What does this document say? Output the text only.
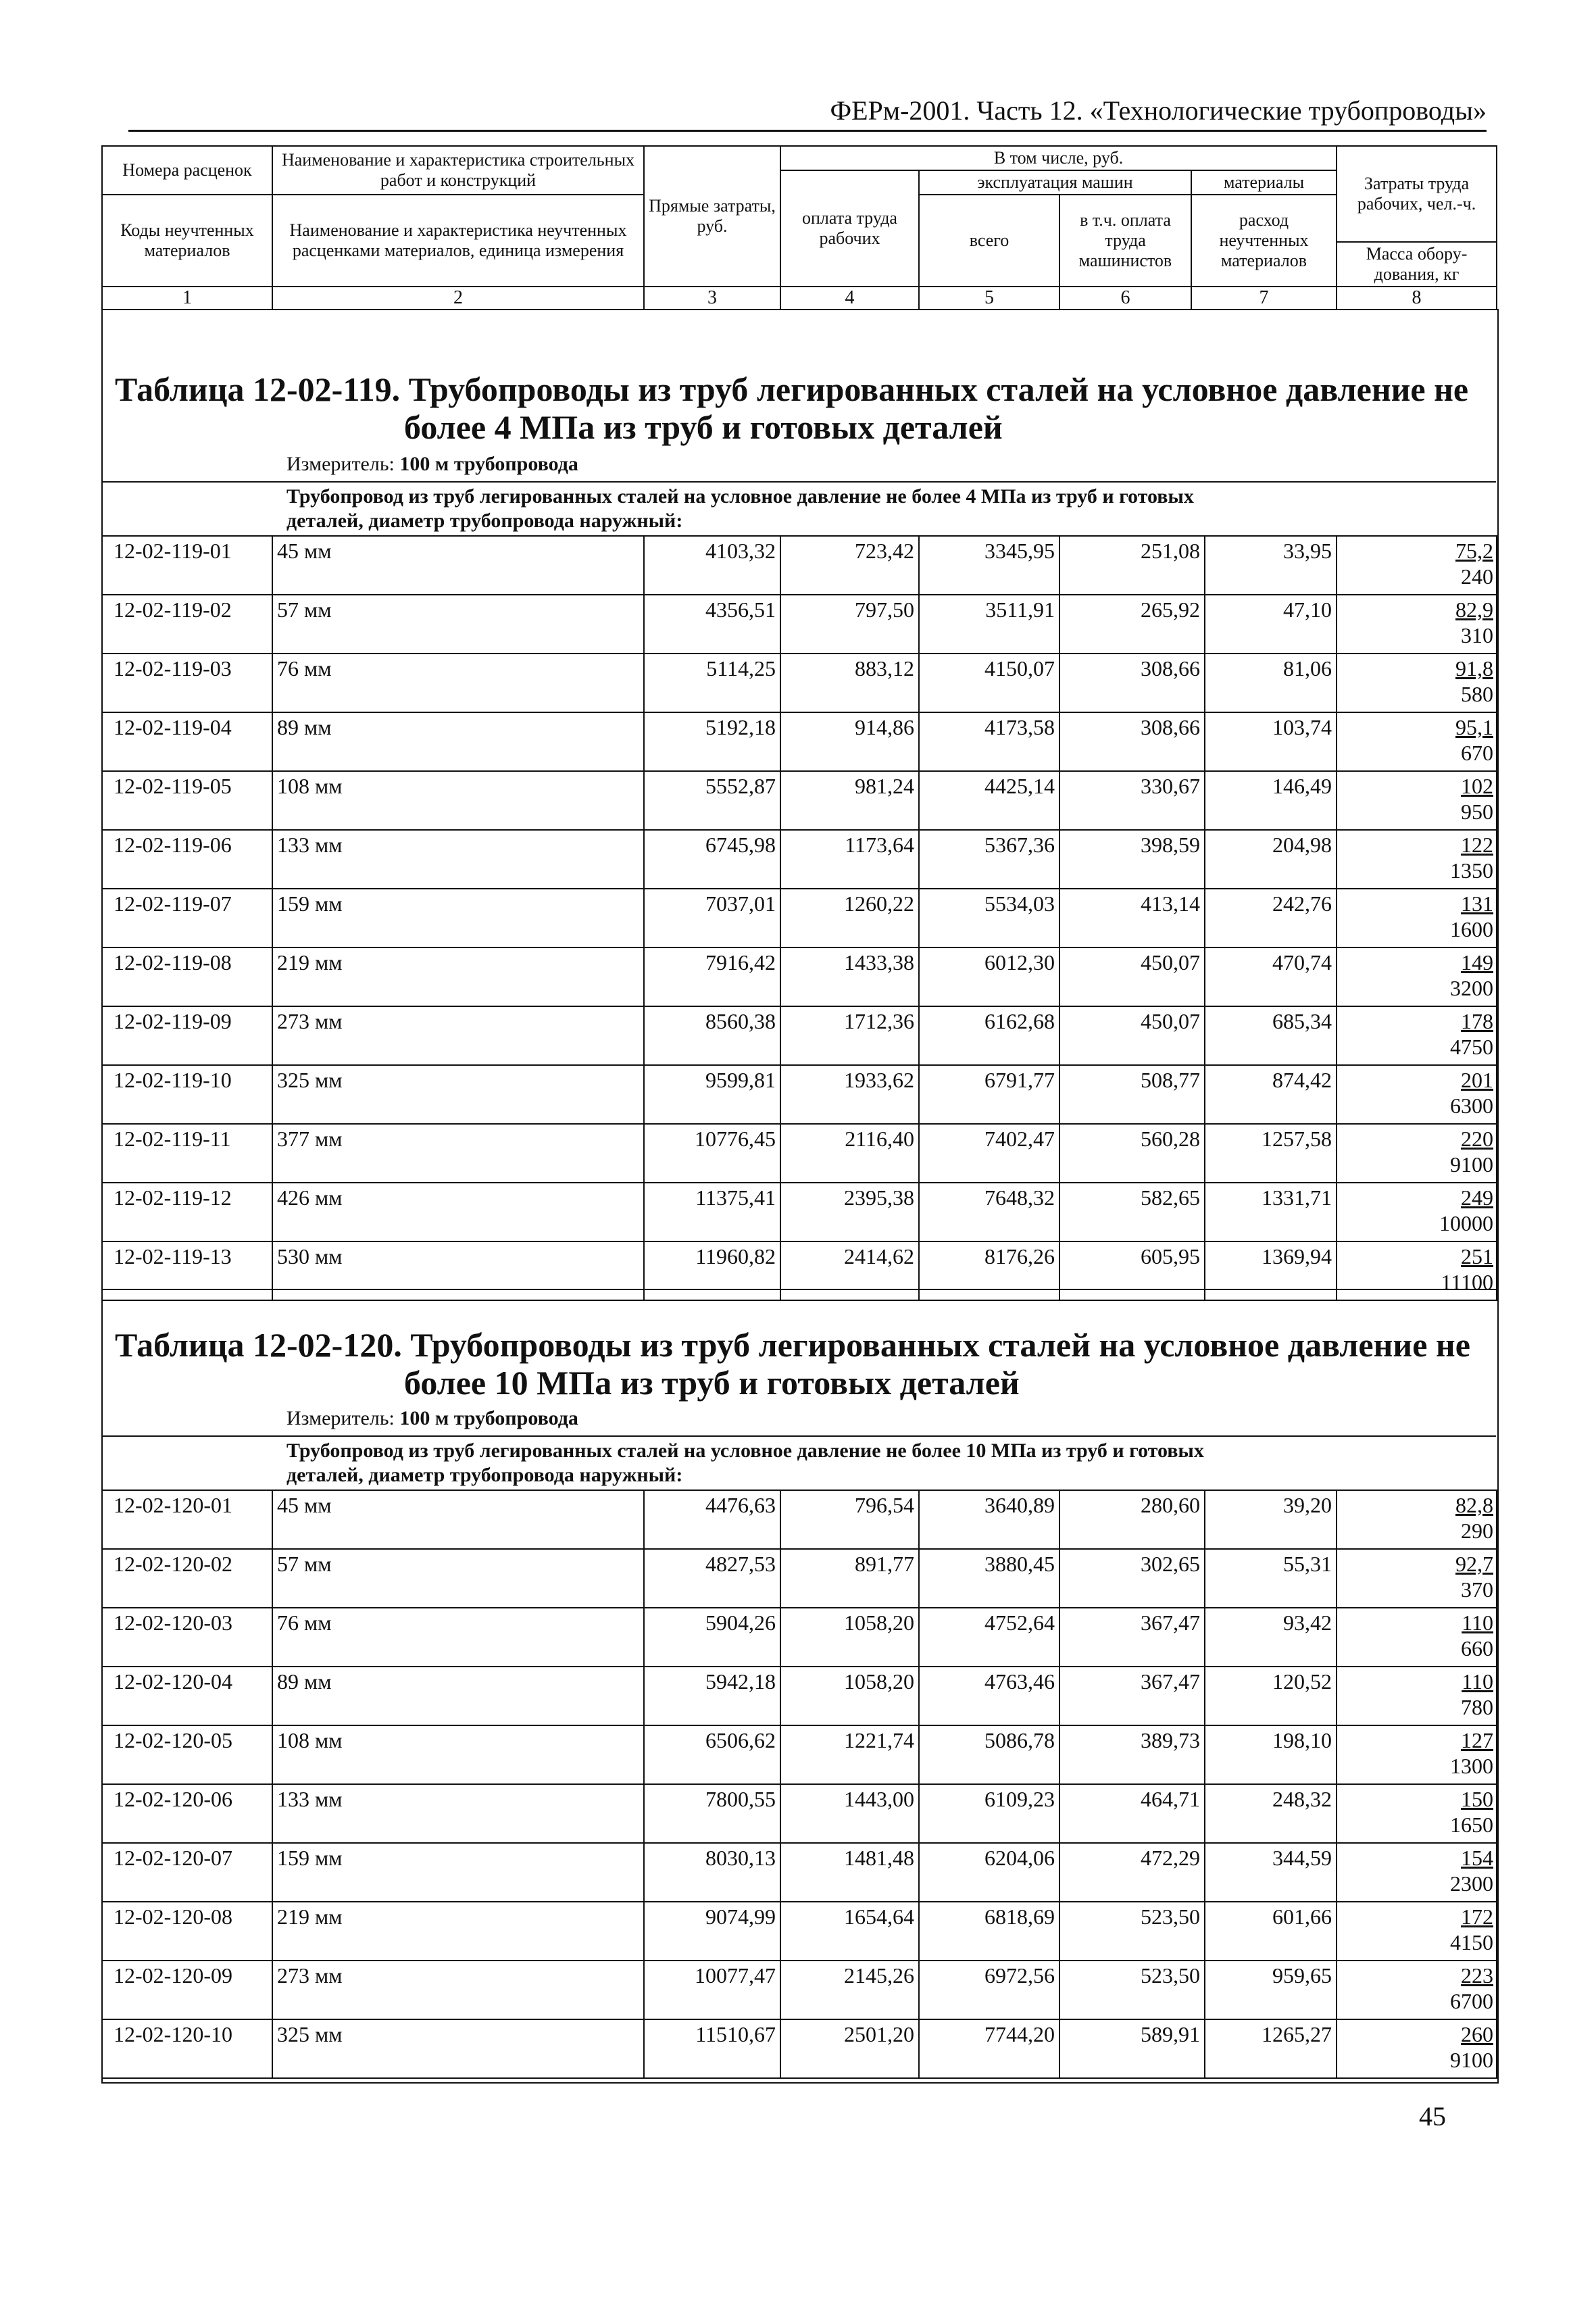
ФЕРм-2001. Часть 12. «Технологические трубопроводы»
Номера расценок	Наименование и характеристика строительных работ и конструкций	Прямые затраты, руб.	В том числе, руб.				Затраты труда рабочих, чел.-ч.
			оплата труда рабочих	эксплуатация машин		материалы	
Коды неучтенных материалов	Наименование и характеристика неучтенных расценками материалов, единица измерения			всего	в т.ч. оплата труда машинистов	расход неучтенных материалов	
							Масса обору-дования, кг
1	2	3	4	5	6	7	8
Таблица 12-02-119. Трубопроводы из труб легированных сталей на условное давление не
более 4 МПа из труб и готовых деталей
Измеритель: 100 м трубопровода
Трубопровод из труб легированных сталей на условное давление не более 4 МПа из труб и готовых
деталей, диаметр трубопровода наружный:
12-02-119-01	45 мм	4103,32	723,42	3345,95	251,08	33,95	75,2
240

12-02-119-02	57 мм	4356,51	797,50	3511,91	265,92	47,10	82,9
310

12-02-119-03	76 мм	5114,25	883,12	4150,07	308,66	81,06	91,8
580

12-02-119-04	89 мм	5192,18	914,86	4173,58	308,66	103,74	95,1
670

12-02-119-05	108 мм	5552,87	981,24	4425,14	330,67	146,49	102
950

12-02-119-06	133 мм	6745,98	1173,64	5367,36	398,59	204,98	122
1350

12-02-119-07	159 мм	7037,01	1260,22	5534,03	413,14	242,76	131
1600

12-02-119-08	219 мм	7916,42	1433,38	6012,30	450,07	470,74	149
3200

12-02-119-09	273 мм	8560,38	1712,36	6162,68	450,07	685,34	178
4750

12-02-119-10	325 мм	9599,81	1933,62	6791,77	508,77	874,42	201
6300

12-02-119-11	377 мм	10776,45	2116,40	7402,47	560,28	1257,58	220
9100

12-02-119-12	426 мм	11375,41	2395,38	7648,32	582,65	1331,71	249
10000

12-02-119-13	530 мм	11960,82	2414,62	8176,26	605,95	1369,94	251
11100
Таблица 12-02-120. Трубопроводы из труб легированных сталей на условное давление не
более 10 МПа из труб и готовых деталей
Измеритель: 100 м трубопровода
Трубопровод из труб легированных сталей на условное давление не более 10 МПа из труб и готовых
деталей, диаметр трубопровода наружный:
12-02-120-01	45 мм	4476,63	796,54	3640,89	280,60	39,20	82,8
290

12-02-120-02	57 мм	4827,53	891,77	3880,45	302,65	55,31	92,7
370

12-02-120-03	76 мм	5904,26	1058,20	4752,64	367,47	93,42	110
660

12-02-120-04	89 мм	5942,18	1058,20	4763,46	367,47	120,52	110
780

12-02-120-05	108 мм	6506,62	1221,74	5086,78	389,73	198,10	127
1300

12-02-120-06	133 мм	7800,55	1443,00	6109,23	464,71	248,32	150
1650

12-02-120-07	159 мм	8030,13	1481,48	6204,06	472,29	344,59	154
2300

12-02-120-08	219 мм	9074,99	1654,64	6818,69	523,50	601,66	172
4150

12-02-120-09	273 мм	10077,47	2145,26	6972,56	523,50	959,65	223
6700

12-02-120-10	325 мм	11510,67	2501,20	7744,20	589,91	1265,27	260
9100
45
